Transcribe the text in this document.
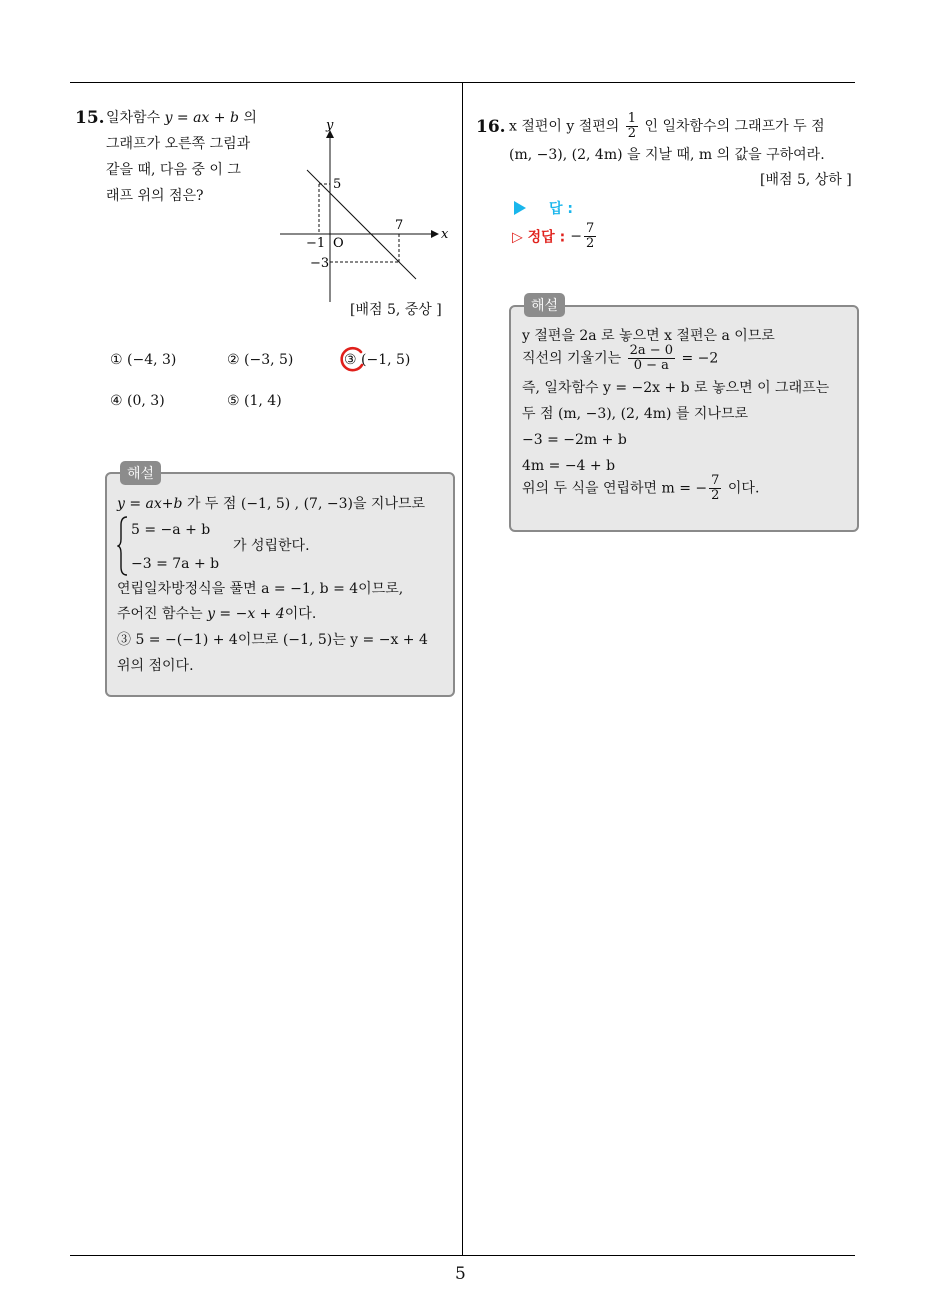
5
15. 일차함수 y = ax + b 의
그래프가 오른쪽 그림과
같을 때, 다음 중 이 그
래프 위의 점은?
y
x
O
5
7
−1
−3
[배점 5, 중상 ]
① (−4, 3)	② (−3, 5)	③ (−1, 5)
④ (0, 3)	⑤ (1, 4)
해설
y = ax+b 가 두 점 (−1, 5) , (7, −3)을 지나므로
5 = −a + b
−3 = 7a + b
가 성립한다.
연립일차방정식을 풀면 a = −1, b = 4이므로,
주어진 함수는 y = −x + 4이다.
③ 5 = −(−1) + 4이므로 (−1, 5)는 y = −x + 4
위의 점이다.
16. x 절편이 y 절편의 $\frac{1}{2}$ 인 일차함수의 그래프가 두 점
(m, −3), (2, 4m) 을 지날 때, m 의 값을 구하여라.
[배점 5, 상하 ]
답 :
▷ 정답 : − $\frac{7}{2}$
해설
y 절편을 2a 로 놓으면 x 절편은 a 이므로
직선의 기울기는 $\frac{2a - 0}{0 - a} = -2$
즉, 일차함수 y = −2x + b 로 놓으면 이 그래프는
두 점 (m, −3), (2, 4m) 를 지나므로
−3 = −2m + b
4m = −4 + b
위의 두 식을 연립하면 m = − $\frac{7}{2}$ 이다.
